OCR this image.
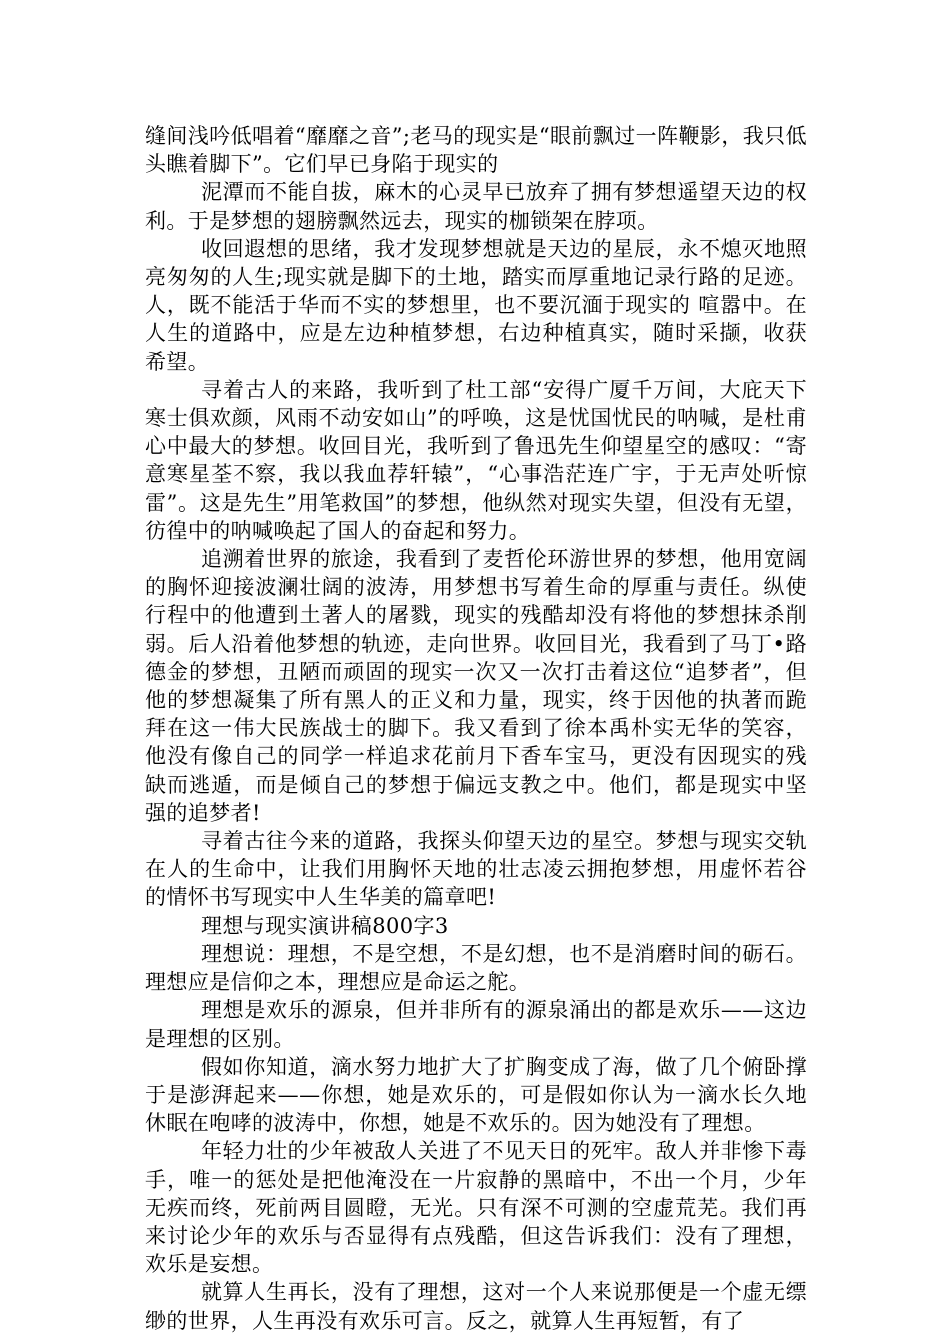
缝间浅吟低唱着“靡靡之音”;老马的现实是“眼前飘过一阵鞭影，我只低头瞧着脚下”。它们早已身陷于现实的

泥潭而不能自拔，麻木的心灵早已放弃了拥有梦想遥望天边的权利。于是梦想的翅膀飘然远去，现实的枷锁架在脖项。

收回遐想的思绪，我才发现梦想就是天边的星辰，永不熄灭地照亮匆匆的人生;现实就是脚下的土地，踏实而厚重地记录行路的足迹。人，既不能活于华而不实的梦想里，也不要沉湎于现实的 喧嚣中。在人生的道路中，应是左边种植梦想，右边种植真实，随时采撷，收获希望。

寻着古人的来路，我听到了杜工部“安得广厦千万间，大庇天下寒士俱欢颜，风雨不动安如山”的呼唤，这是忧国忧民的呐喊，是杜甫心中最大的梦想。收回目光，我听到了鲁迅先生仰望星空的感叹：“寄意寒星荃不察，我以我血荐轩辕”，“心事浩茫连广宇，于无声处听惊雷”。这是先生”用笔救国”的梦想，他纵然对现实失望，但没有无望，彷徨中的呐喊唤起了国人的奋起和努力。

追溯着世界的旅途，我看到了麦哲伦环游世界的梦想，他用宽阔的胸怀迎接波澜壮阔的波涛，用梦想书写着生命的厚重与责任。纵使行程中的他遭到土著人的屠戮，现实的残酷却没有将他的梦想抹杀削弱。后人沿着他梦想的轨迹，走向世界。收回目光，我看到了马丁•路德金的梦想，丑陋而顽固的现实一次又一次打击着这位“追梦者”，但他的梦想凝集了所有黑人的正义和力量，现实，终于因他的执著而跪拜在这一伟大民族战士的脚下。我又看到了徐本禹朴实无华的笑容，他没有像自己的同学一样追求花前月下香车宝马，更没有因现实的残缺而逃遁，而是倾自己的梦想于偏远支教之中。他们，都是现实中坚强的追梦者!

寻着古往今来的道路，我探头仰望天边的星空。梦想与现实交轨在人的生命中，让我们用胸怀天地的壮志凌云拥抱梦想，用虚怀若谷的情怀书写现实中人生华美的篇章吧!

理想与现实演讲稿800字3

理想说：理想，不是空想，不是幻想，也不是消磨时间的砺石。理想应是信仰之本，理想应是命运之舵。

理想是欢乐的源泉，但并非所有的源泉涌出的都是欢乐——这边是理想的区别。

假如你知道，滴水努力地扩大了扩胸变成了海，做了几个俯卧撑于是澎湃起来——你想，她是欢乐的，可是假如你认为一滴水长久地休眠在咆哮的波涛中，你想，她是不欢乐的。因为她没有了理想。

年轻力壮的少年被敌人关进了不见天日的死牢。敌人并非惨下毒手，唯一的惩处是把他淹没在一片寂静的黑暗中，不出一个月，少年无疾而终，死前两目圆瞪，无光。只有深不可测的空虚荒芜。我们再来讨论少年的欢乐与否显得有点残酷，但这告诉我们：没有了理想，欢乐是妄想。

就算人生再长，没有了理想，这对一个人来说那便是一个虚无缥缈的世界，人生再没有欢乐可言。反之，就算人生再短暂，有了
